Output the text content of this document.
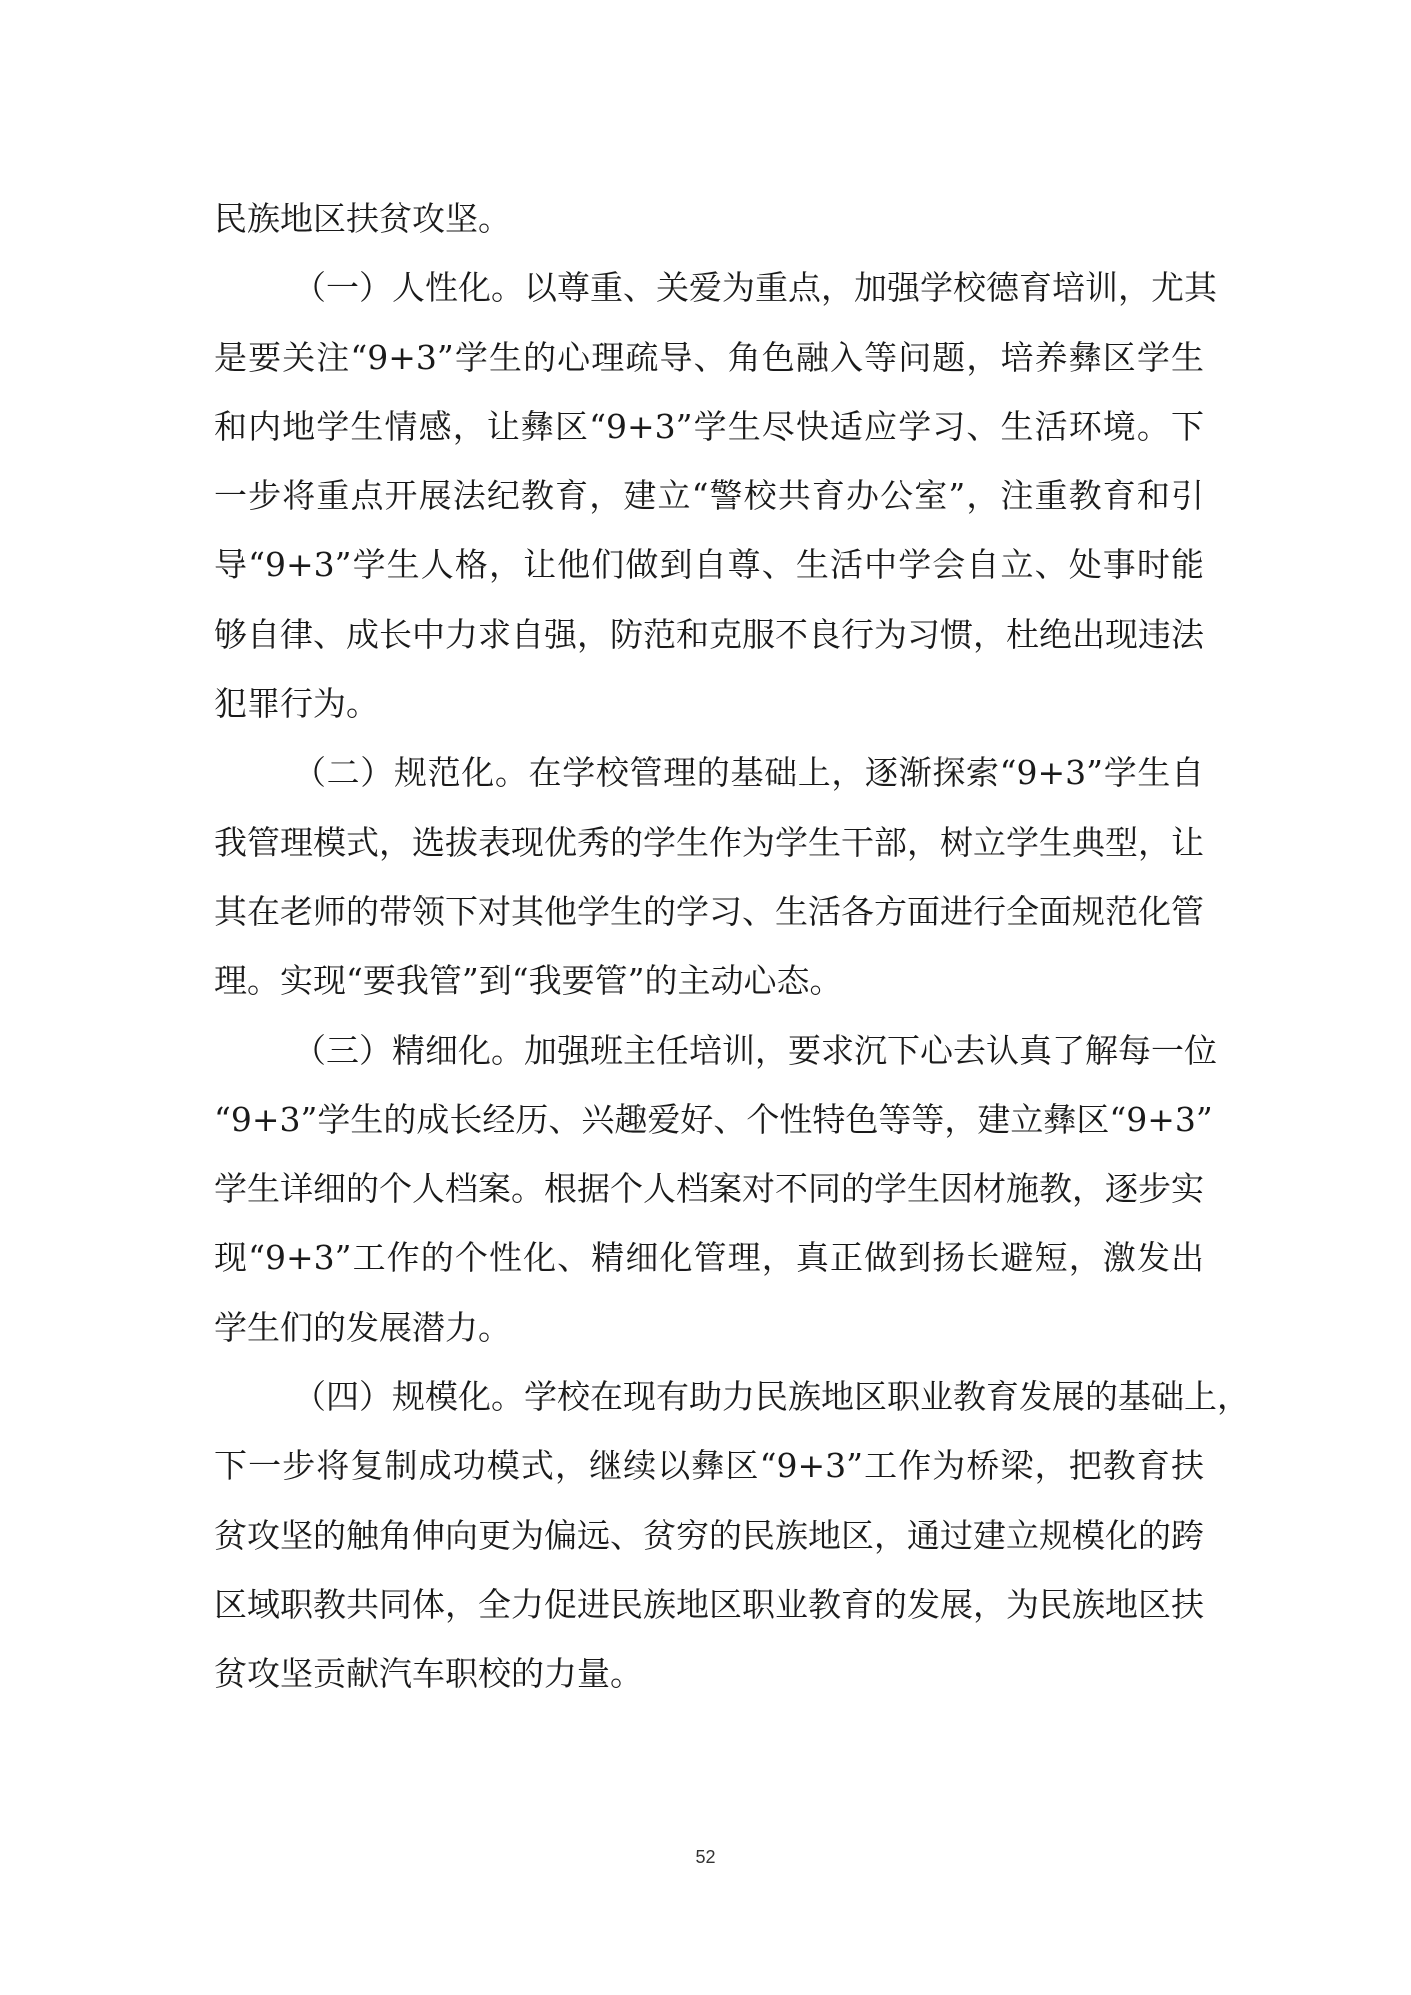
民族地区扶贫攻坚。
（一）人性化。以尊重、关爱为重点，加强学校德育培训，尤其
是要关注“9+3”学生的心理疏导、角色融入等问题，培养彝区学生
和内地学生情感，让彝区“9+3”学生尽快适应学习、生活环境。下
一步将重点开展法纪教育，建立“警校共育办公室”，注重教育和引
导“9+3”学生人格，让他们做到自尊、生活中学会自立、处事时能
够自律、成长中力求自强，防范和克服不良行为习惯，杜绝出现违法
犯罪行为。
（二）规范化。在学校管理的基础上，逐渐探索“9+3”学生自
我管理模式，选拔表现优秀的学生作为学生干部，树立学生典型，让
其在老师的带领下对其他学生的学习、生活各方面进行全面规范化管
理。实现“要我管”到“我要管”的主动心态。
（三）精细化。加强班主任培训，要求沉下心去认真了解每一位
“9+3”学生的成长经历、兴趣爱好、个性特色等等，建立彝区“9+3”
学生详细的个人档案。根据个人档案对不同的学生因材施教，逐步实
现“9+3”工作的个性化、精细化管理，真正做到扬长避短，激发出
学生们的发展潜力。
（四）规模化。学校在现有助力民族地区职业教育发展的基础上，
下一步将复制成功模式，继续以彝区“9+3”工作为桥梁，把教育扶
贫攻坚的触角伸向更为偏远、贫穷的民族地区，通过建立规模化的跨
区域职教共同体，全力促进民族地区职业教育的发展，为民族地区扶
贫攻坚贡献汽车职校的力量。
52
